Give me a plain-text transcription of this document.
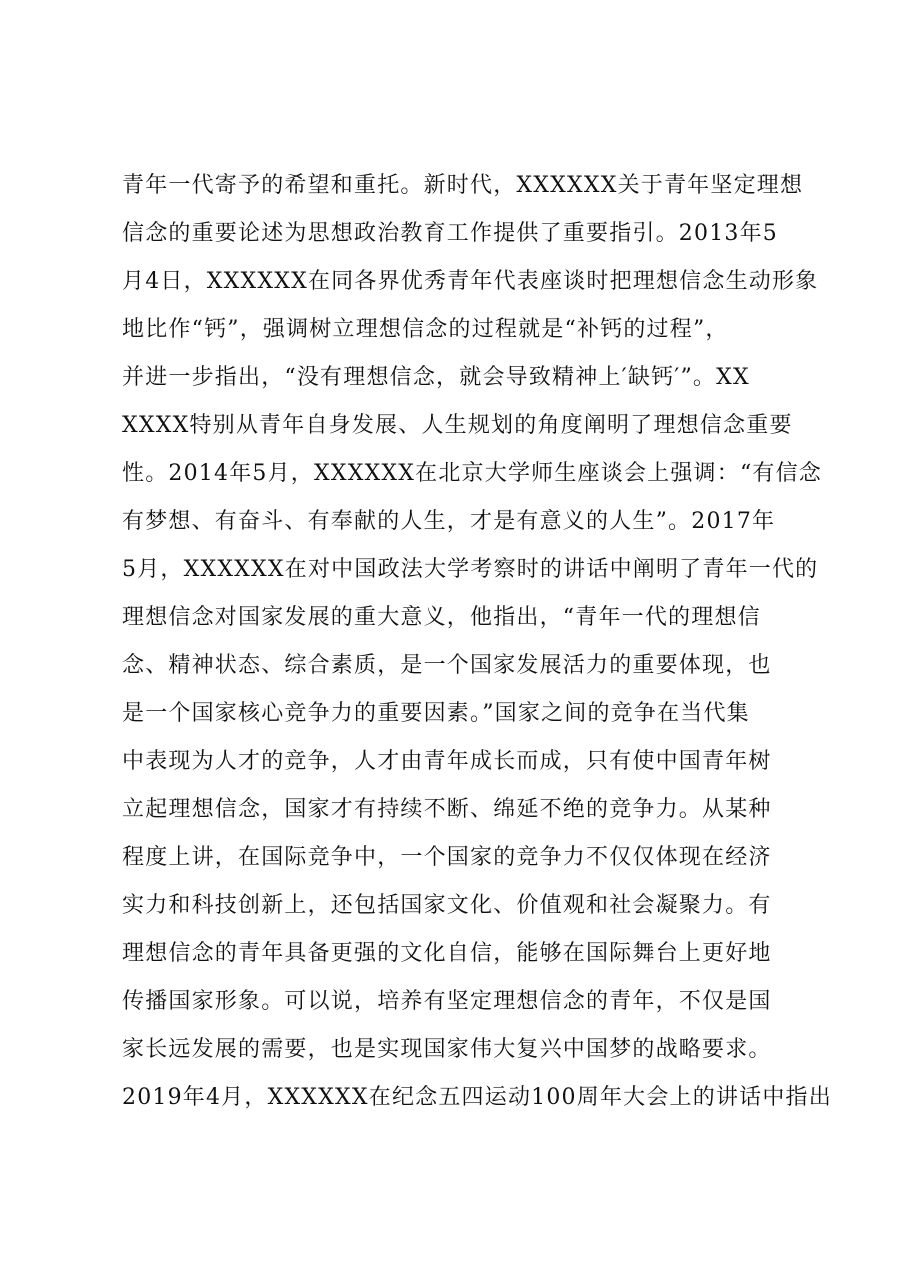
青年一代寄予的希望和重托。新时代，XXXXXX关于青年坚定理想
信念的重要论述为思想政治教育工作提供了重要指引。2013年5
月4日，XXXXXX在同各界优秀青年代表座谈时把理想信念生动形象
地比作“钙”，强调树立理想信念的过程就是“补钙的过程”，
并进一步指出，“没有理想信念，就会导致精神上′缺钙′”。XX
XXXX特别从青年自身发展、人生规划的角度阐明了理想信念重要
性。2014年5月，XXXXXX在北京大学师生座谈会上强调：“有信念
有梦想、有奋斗、有奉献的人生，才是有意义的人生”。2017年
5月，XXXXXX在对中国政法大学考察时的讲话中阐明了青年一代的
理想信念对国家发展的重大意义，他指出，“青年一代的理想信
念、精神状态、综合素质，是一个国家发展活力的重要体现，也
是一个国家核心竞争力的重要因素。”国家之间的竞争在当代集
中表现为人才的竞争，人才由青年成长而成，只有使中国青年树
立起理想信念，国家才有持续不断、绵延不绝的竞争力。从某种
程度上讲，在国际竞争中，一个国家的竞争力不仅仅体现在经济
实力和科技创新上，还包括国家文化、价值观和社会凝聚力。有
理想信念的青年具备更强的文化自信，能够在国际舞台上更好地
传播国家形象。可以说，培养有坚定理想信念的青年，不仅是国
家长远发展的需要，也是实现国家伟大复兴中国梦的战略要求。
2019年4月，XXXXXX在纪念五四运动100周年大会上的讲话中指出
